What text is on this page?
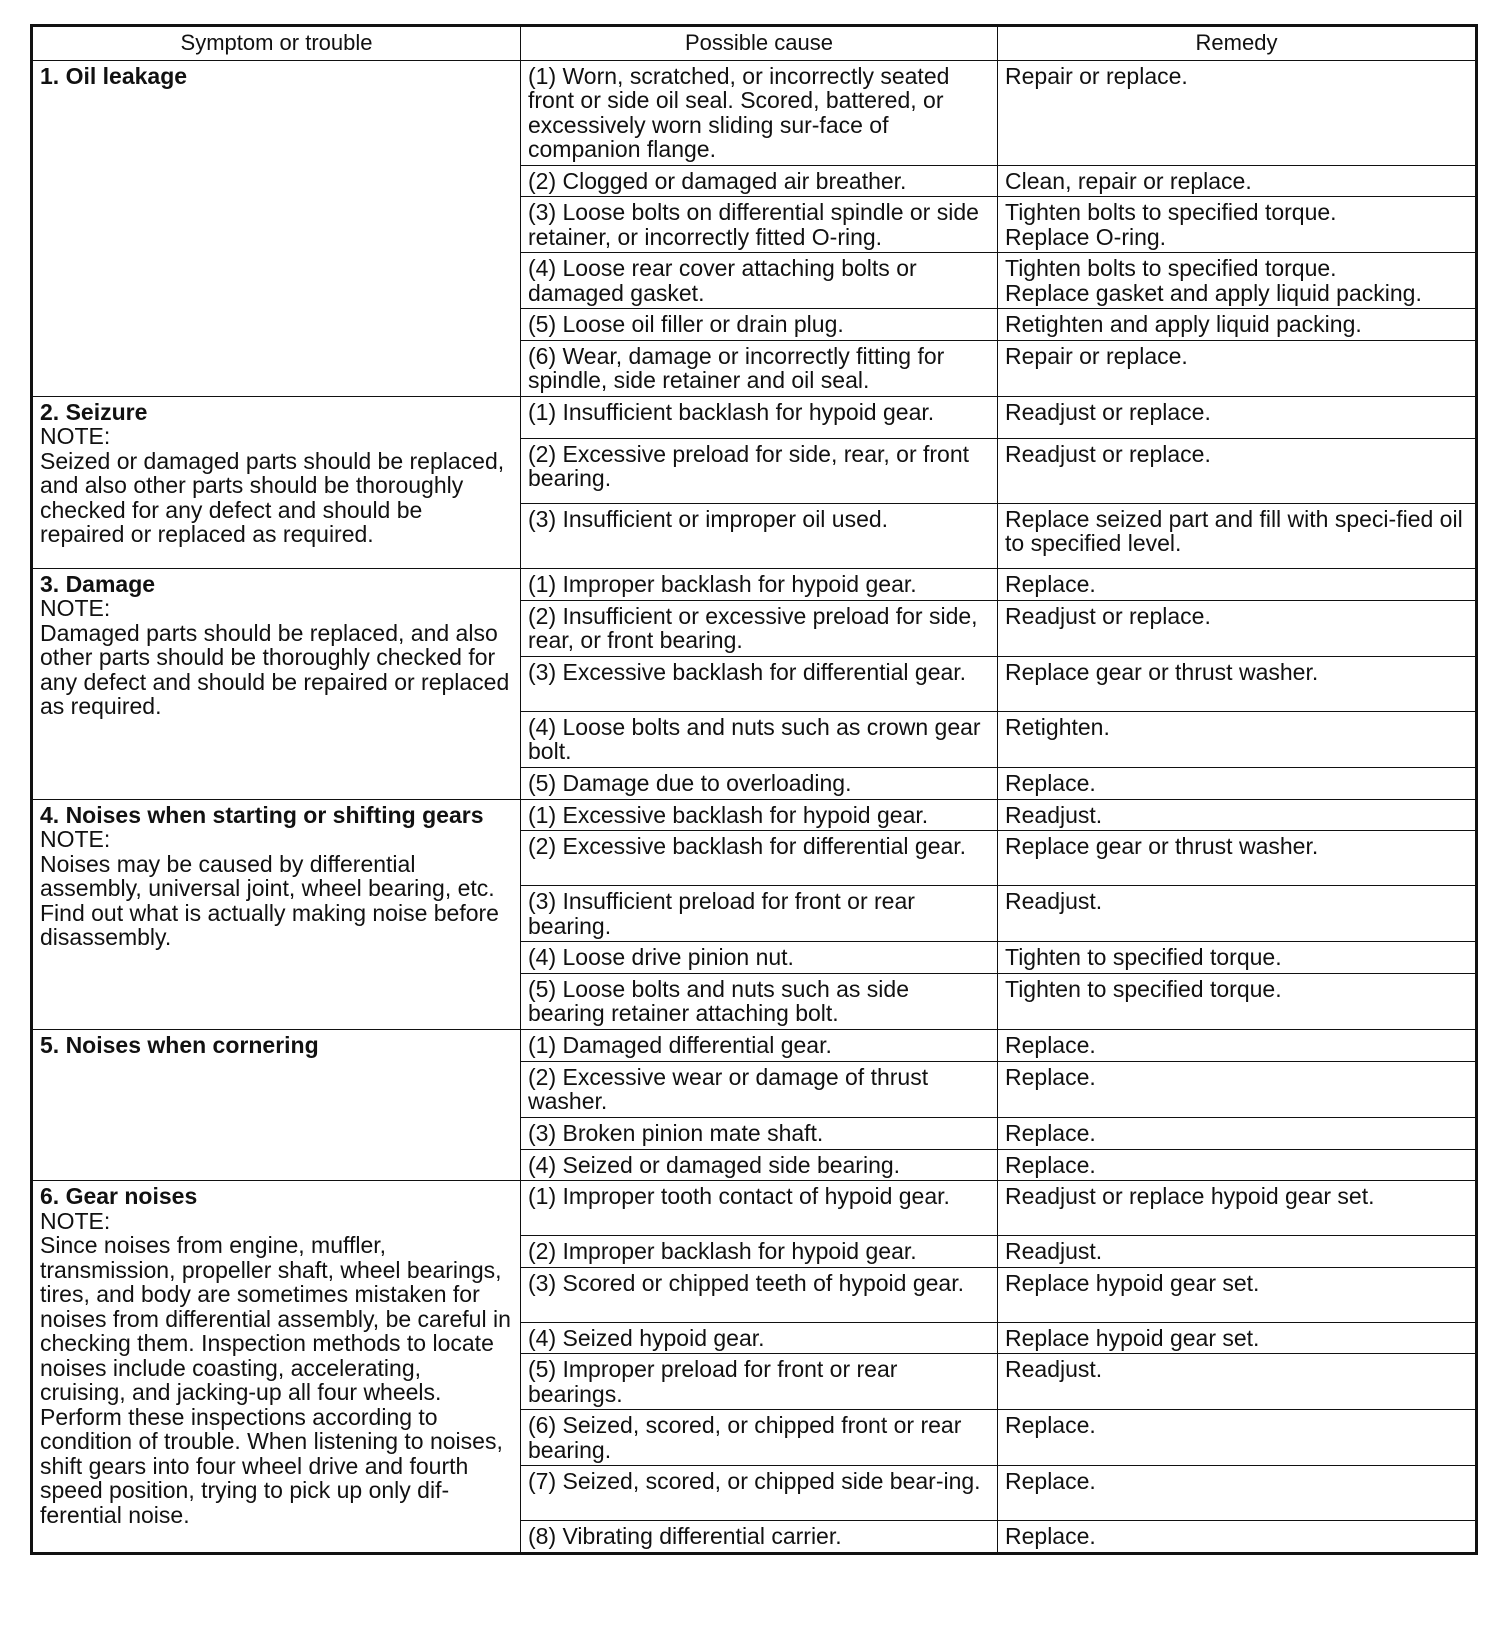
Symptom or trouble	Possible cause	Remedy

1. Oil leakage	(1) Worn, scratched, or incorrectly seated front or side oil seal. Scored, battered, or excessively worn sliding sur-face of companion flange.	Repair or replace.

	(2) Clogged or damaged air breather.	Clean, repair or replace.

	(3) Loose bolts on differential spindle or side retainer, or incorrectly fitted O-ring.	Tighten bolts to specified torque.
Replace O-ring.

	(4) Loose rear cover attaching bolts or damaged gasket.	Tighten bolts to specified torque.
Replace gasket and apply liquid packing.

	(5) Loose oil filler or drain plug.	Retighten and apply liquid packing.

	(6) Wear, damage or incorrectly fitting for spindle, side retainer and oil seal.	Repair or replace.

2. Seizure
NOTE:
Seized or damaged parts should be replaced, and also other parts should be thoroughly checked for any defect and should be repaired or replaced as required.	(1) Insufficient backlash for hypoid gear.	Readjust or replace.

	(2) Excessive preload for side, rear, or front bearing.	Readjust or replace.

	(3) Insufficient or improper oil used.	Replace seized part and fill with speci-fied oil to specified level.

3. Damage
NOTE:
Damaged parts should be replaced, and also other parts should be thoroughly checked for any defect and should be repaired or replaced as required.	(1) Improper backlash for hypoid gear.	Replace.

	(2) Insufficient or excessive preload for side, rear, or front bearing.	Readjust or replace.

	(3) Excessive backlash for differential gear.	Replace gear or thrust washer.

	(4) Loose bolts and nuts such as crown gear bolt.	Retighten.

	(5) Damage due to overloading.	Replace.

4. Noises when starting or shifting gears
NOTE:
Noises may be caused by differential assembly, universal joint, wheel bearing, etc. Find out what is actually making noise before disassembly.	(1) Excessive backlash for hypoid gear.	Readjust.

	(2) Excessive backlash for differential gear.	Replace gear or thrust washer.

	(3) Insufficient preload for front or rear bearing.	Readjust.

	(4) Loose drive pinion nut.	Tighten to specified torque.

	(5) Loose bolts and nuts such as side bearing retainer attaching bolt.	Tighten to specified torque.

5. Noises when cornering	(1) Damaged differential gear.	Replace.

	(2) Excessive wear or damage of thrust washer.	Replace.

	(3) Broken pinion mate shaft.	Replace.

	(4) Seized or damaged side bearing.	Replace.

6. Gear noises
NOTE:
Since noises from engine, muffler, transmission, propeller shaft, wheel bearings, tires, and body are sometimes mistaken for noises from differential assembly, be careful in checking them. Inspection methods to locate noises include coasting, accelerating, cruising, and jacking-up all four wheels. Perform these inspections according to condition of trouble. When listening to noises, shift gears into four wheel drive and fourth speed position, trying to pick up only dif-ferential noise.	(1) Improper tooth contact of hypoid gear.	Readjust or replace hypoid gear set.

	(2) Improper backlash for hypoid gear.	Readjust.

	(3) Scored or chipped teeth of hypoid gear.	Replace hypoid gear set.

	(4) Seized hypoid gear.	Replace hypoid gear set.

	(5) Improper preload for front or rear bearings.	Readjust.

	(6) Seized, scored, or chipped front or rear bearing.	Replace.

	(7) Seized, scored, or chipped side bear-ing.	Replace.

	(8) Vibrating differential carrier.	Replace.
